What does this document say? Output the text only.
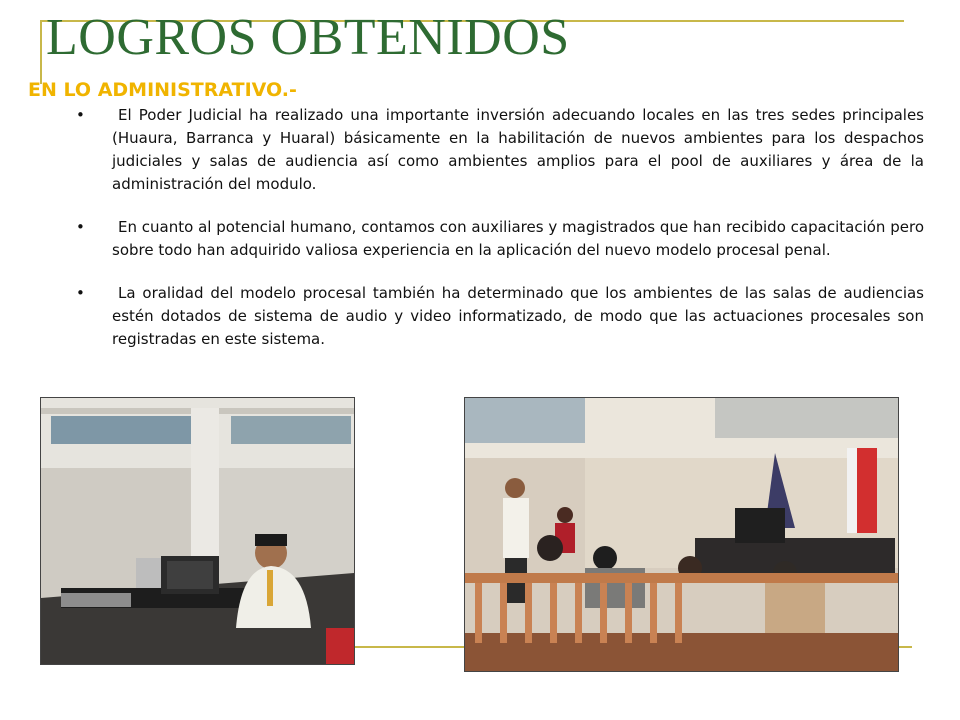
LOGROS OBTENIDOS
EN LO ADMINISTRATIVO.-
•	El Poder Judicial ha realizado una importante inversión adecuando locales en las tres sedes principales (Huaura, Barranca y Huaral) básicamente en la habilitación de nuevos ambientes para los despachos judiciales y salas de audiencia así como ambientes amplios para el pool de auxiliares y área de la administración del modulo.
•	En cuanto al potencial humano, contamos con auxiliares y magistrados que han recibido capacitación pero sobre todo han adquirido valiosa experiencia en la aplicación del nuevo modelo procesal penal.
•	La oralidad del modelo procesal también ha determinado que los ambientes de las salas de audiencias estén dotados de sistema de audio y video informatizado, de modo que las actuaciones procesales son registradas en este sistema.
